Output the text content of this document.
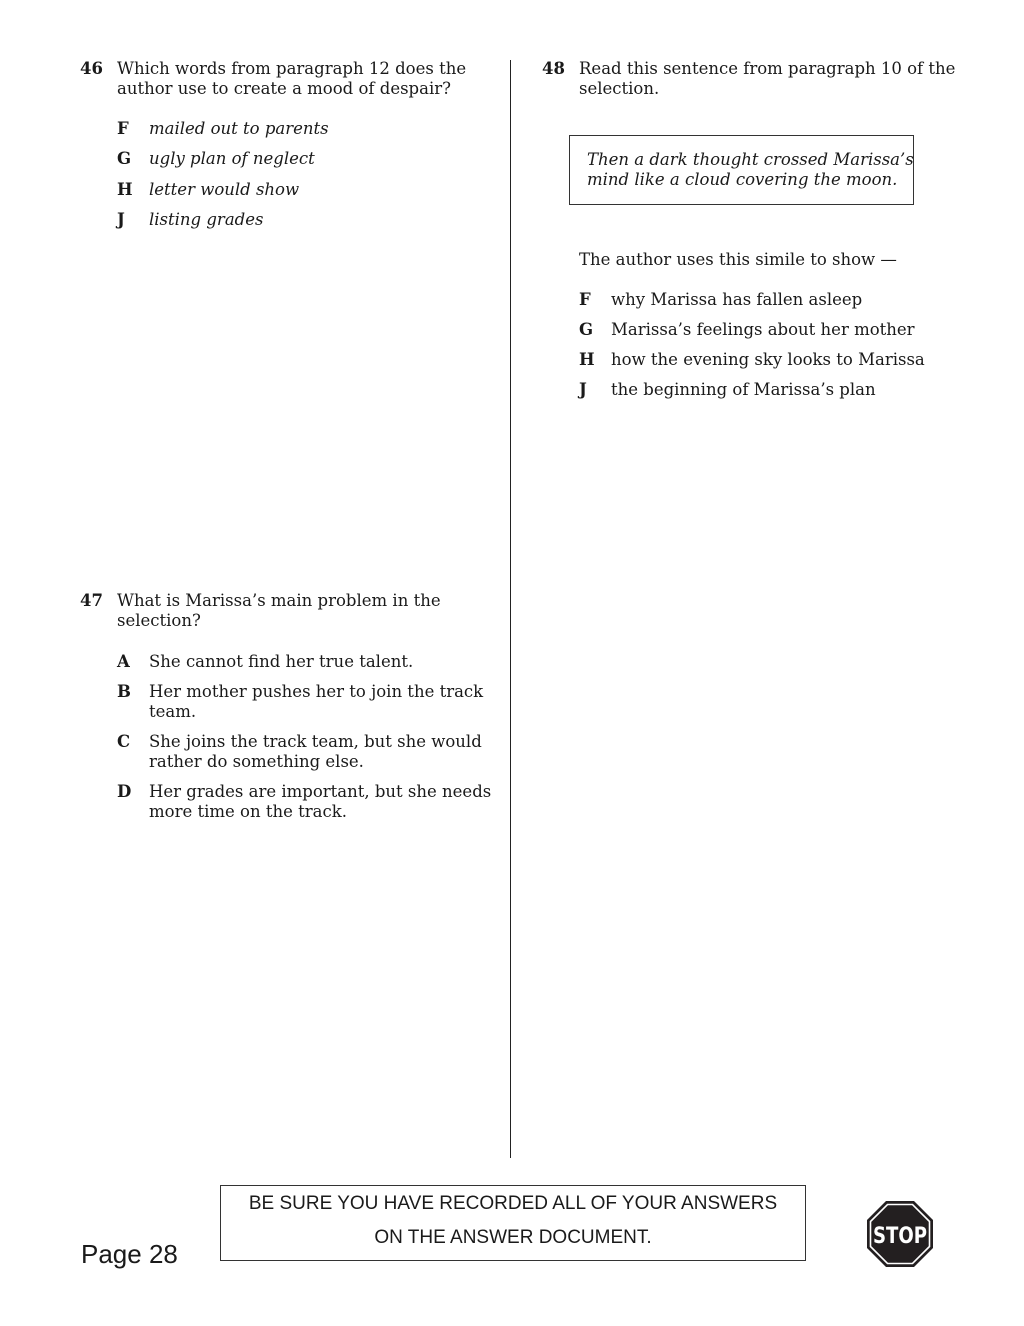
46 Which words from paragraph 12 does the
author use to create a mood of despair?
F mailed out to parents
G ugly plan of neglect
H letter would show
J listing grades
47 What is Marissa’s main problem in the
selection?
A She cannot find her true talent.
B Her mother pushes her to join the track
team.
C She joins the track team, but she would
rather do something else.
D Her grades are important, but she needs
more time on the track.
48 Read this sentence from paragraph 10 of the
selection.
Then a dark thought crossed Marissa’s
mind like a cloud covering the moon.
The author uses this simile to show —
F why Marissa has fallen asleep
G Marissa’s feelings about her mother
H how the evening sky looks to Marissa
J the beginning of Marissa’s plan
BE SURE YOU HAVE RECORDED ALL OF YOUR ANSWERS
ON THE ANSWER DOCUMENT.
Page 28
STOP
